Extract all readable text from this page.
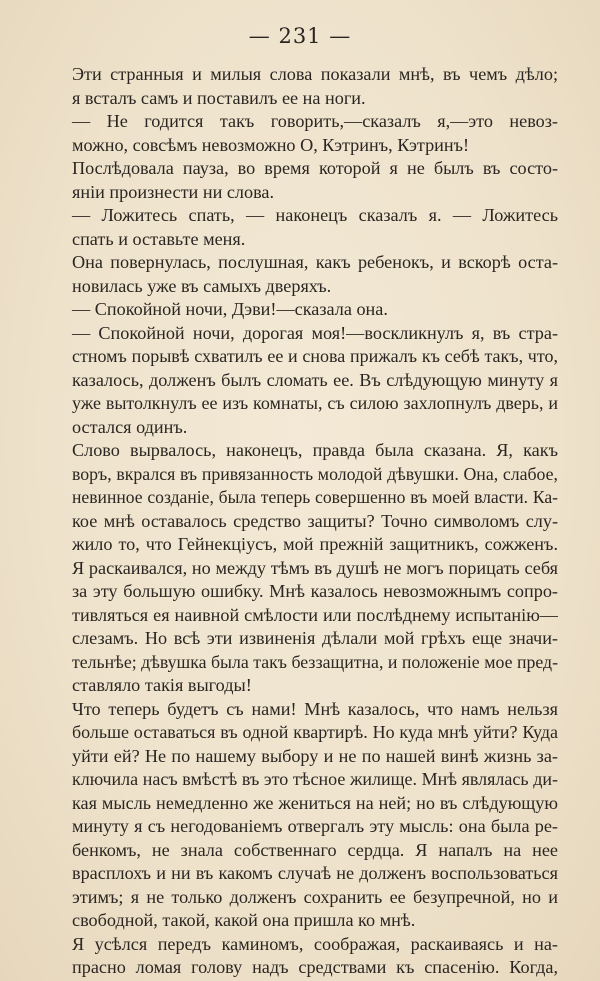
— 231 —
Эти странныя и милыя слова показали мнѣ, въ чемъ дѣло;
я всталъ самъ и поставилъ ее на ноги.
— Не годится такъ говорить,—сказалъ я,—это невоз-
можно, совсѣмъ невозможно О, Кэтринъ, Кэтринъ!
Послѣдовала пауза, во время которой я не былъ въ состо-
яніи произнести ни слова.
— Ложитесь спать, — наконецъ сказалъ я. — Ложитесь
спать и оставьте меня.
Она повернулась, послушная, какъ ребенокъ, и вскорѣ оста-
новилась уже въ самыхъ дверяхъ.
— Спокойной ночи, Дэви!—сказала она.
— Спокойной ночи, дорогая моя!—воскликнулъ я, въ стра-
стномъ порывѣ схватилъ ее и снова прижалъ къ себѣ такъ, что,
казалось, долженъ былъ сломать ее. Въ слѣдующую минуту я
уже вытолкнулъ ее изъ комнаты, съ силою захлопнулъ дверь, и
остался одинъ.
Слово вырвалось, наконецъ, правда была сказана. Я, какъ
воръ, вкрался въ привязанность молодой дѣвушки. Она, слабое,
невинное созданіе, была теперь совершенно въ моей власти. Ка-
кое мнѣ оставалось средство защиты? Точно символомъ слу-
жило то, что Гейнекціусъ, мой прежній защитникъ, сожженъ.
Я раскаивался, но между тѣмъ въ душѣ не могъ порицать себя
за эту большую ошибку. Мнѣ казалось невозможнымъ сопро-
тивляться ея наивной смѣлости или послѣднему испытанію—
слезамъ. Но всѣ эти извиненія дѣлали мой грѣхъ еще значи-
тельнѣе; дѣвушка была такъ беззащитна, и положеніе мое пред-
ставляло такія выгоды!
Что теперь будетъ съ нами! Мнѣ казалось, что намъ нельзя
больше оставаться въ одной квартирѣ. Но куда мнѣ уйти? Куда
уйти ей? Не по нашему выбору и не по нашей винѣ жизнь за-
ключила насъ вмѣстѣ въ это тѣсное жилище. Мнѣ являлась ди-
кая мысль немедленно же жениться на ней; но въ слѣдующую
минуту я съ негодованіемъ отвергалъ эту мысль: она была ре-
бенкомъ, не знала собственнаго сердца. Я напалъ на нее
врасплохъ и ни въ какомъ случаѣ не долженъ воспользоваться
этимъ; я не только долженъ сохранить ее безупречной, но и
свободной, такой, какой она пришла ко мнѣ.
Я усѣлся передъ каминомъ, соображая, раскаиваясь и на-
прасно ломая голову надъ средствами къ спасенію. Когда,
